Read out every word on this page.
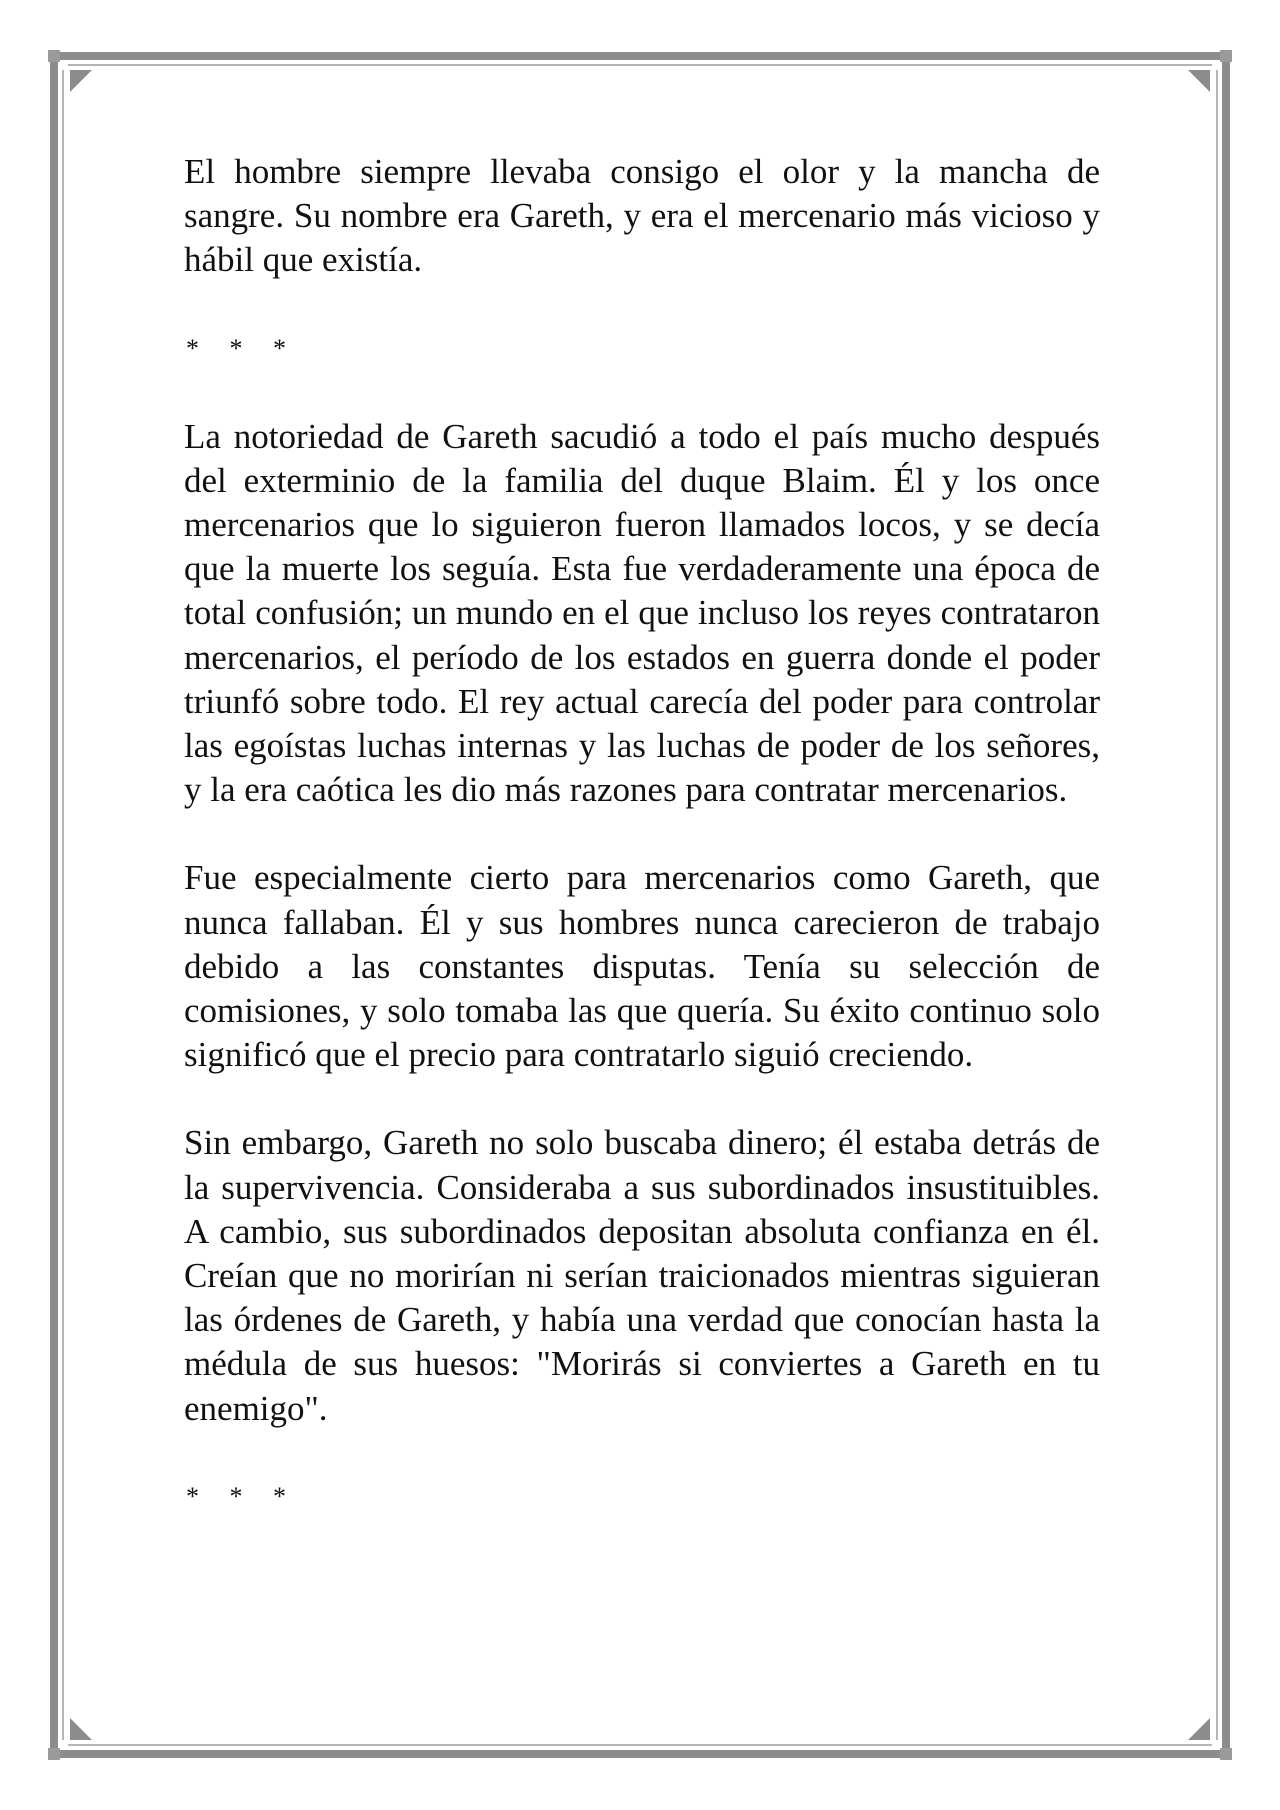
El hombre siempre llevaba consigo el olor y la mancha de sangre. Su nombre era Gareth, y era el mercenario más vicioso y hábil que existía.

* * *

La notoriedad de Gareth sacudió a todo el país mucho después del exterminio de la familia del duque Blaim. Él y los once mercenarios que lo siguieron fueron llamados locos, y se decía que la muerte los seguía. Esta fue verdaderamente una época de total confusión; un mundo en el que incluso los reyes contrataron mercenarios, el período de los estados en guerra donde el poder triunfó sobre todo. El rey actual carecía del poder para controlar las egoístas luchas internas y las luchas de poder de los señores, y la era caótica les dio más razones para contratar mercenarios.

Fue especialmente cierto para mercenarios como Gareth, que nunca fallaban. Él y sus hombres nunca carecieron de trabajo debido a las constantes disputas. Tenía su selección de comisiones, y solo tomaba las que quería. Su éxito continuo solo significó que el precio para contratarlo siguió creciendo.

Sin embargo, Gareth no solo buscaba dinero; él estaba detrás de la supervivencia. Consideraba a sus subordinados insustituibles. A cambio, sus subordinados depositan absoluta confianza en él. Creían que no morirían ni serían traicionados mientras siguieran las órdenes de Gareth, y había una verdad que conocían hasta la médula de sus huesos: "Morirás si conviertes a Gareth en tu enemigo".

* * *
